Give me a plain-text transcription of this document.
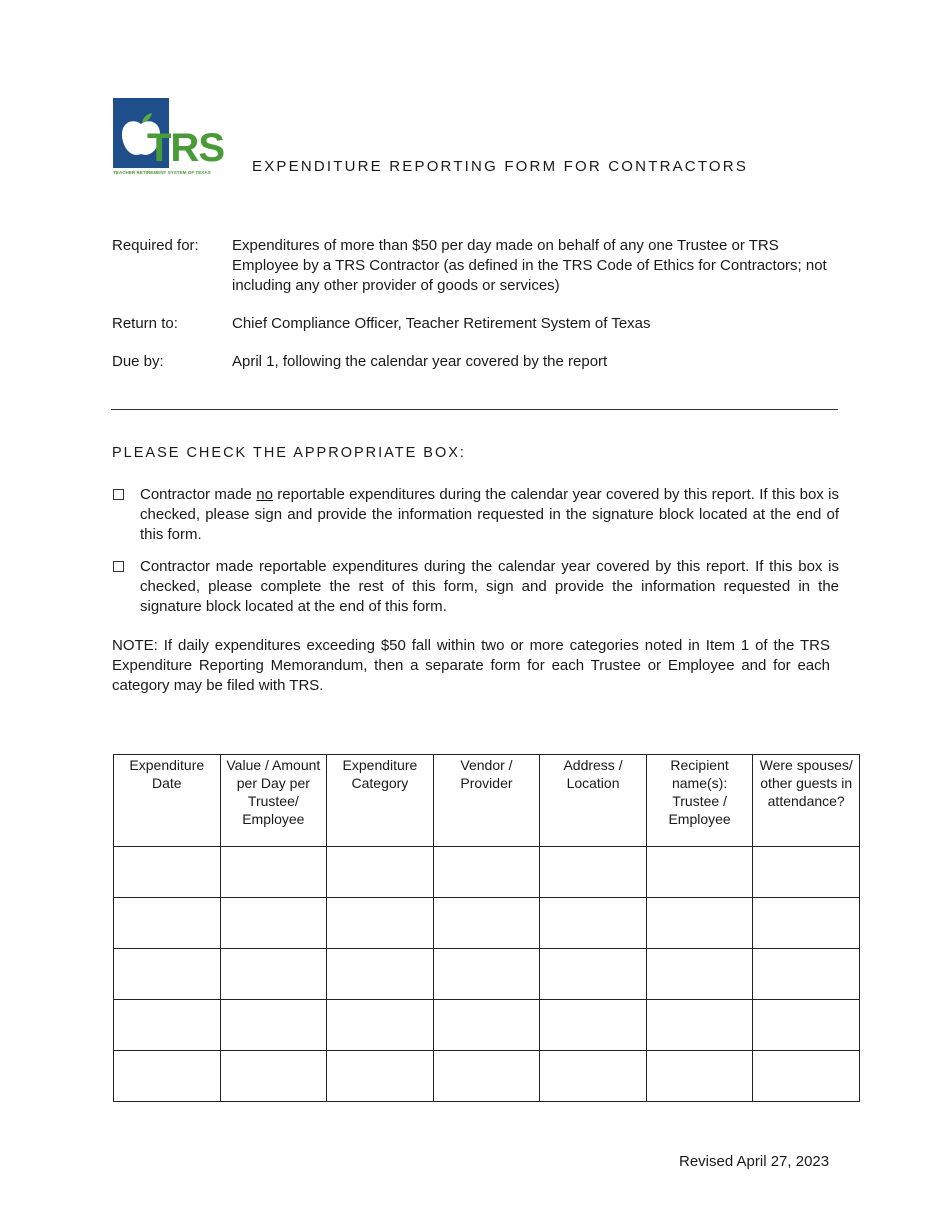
TRS
TEACHER RETIREMENT SYSTEM OF TEXAS	EXPENDITURE REPORTING FORM FOR CONTRACTORS
Required for:	Expenditures of more than $50 per day made on behalf of any one Trustee or TRS Employee by a TRS Contractor (as defined in the TRS Code of Ethics for Contractors; not including any other provider of goods or services)
Return to:	Chief Compliance Officer, Teacher Retirement System of Texas
Due by:	April 1, following the calendar year covered by the report
PLEASE CHECK THE APPROPRIATE BOX:
Contractor made no reportable expenditures during the calendar year covered by this report. If this box is checked, please sign and provide the information requested in the signature block located at the end of this form.
Contractor made reportable expenditures during the calendar year covered by this report. If this box is checked, please complete the rest of this form, sign and provide the information requested in the signature block located at the end of this form.
NOTE: If daily expenditures exceeding $50 fall within two or more categories noted in Item 1 of the TRS Expenditure Reporting Memorandum, then a separate form for each Trustee or Employee and for each category may be filed with TRS.
Expenditure Date	Value / Amount per Day per Trustee/ Employee	Expenditure Category	Vendor / Provider	Address / Location	Recipient name(s): Trustee / Employee	Were spouses/ other guests in attendance?

Revised April 27, 2023
